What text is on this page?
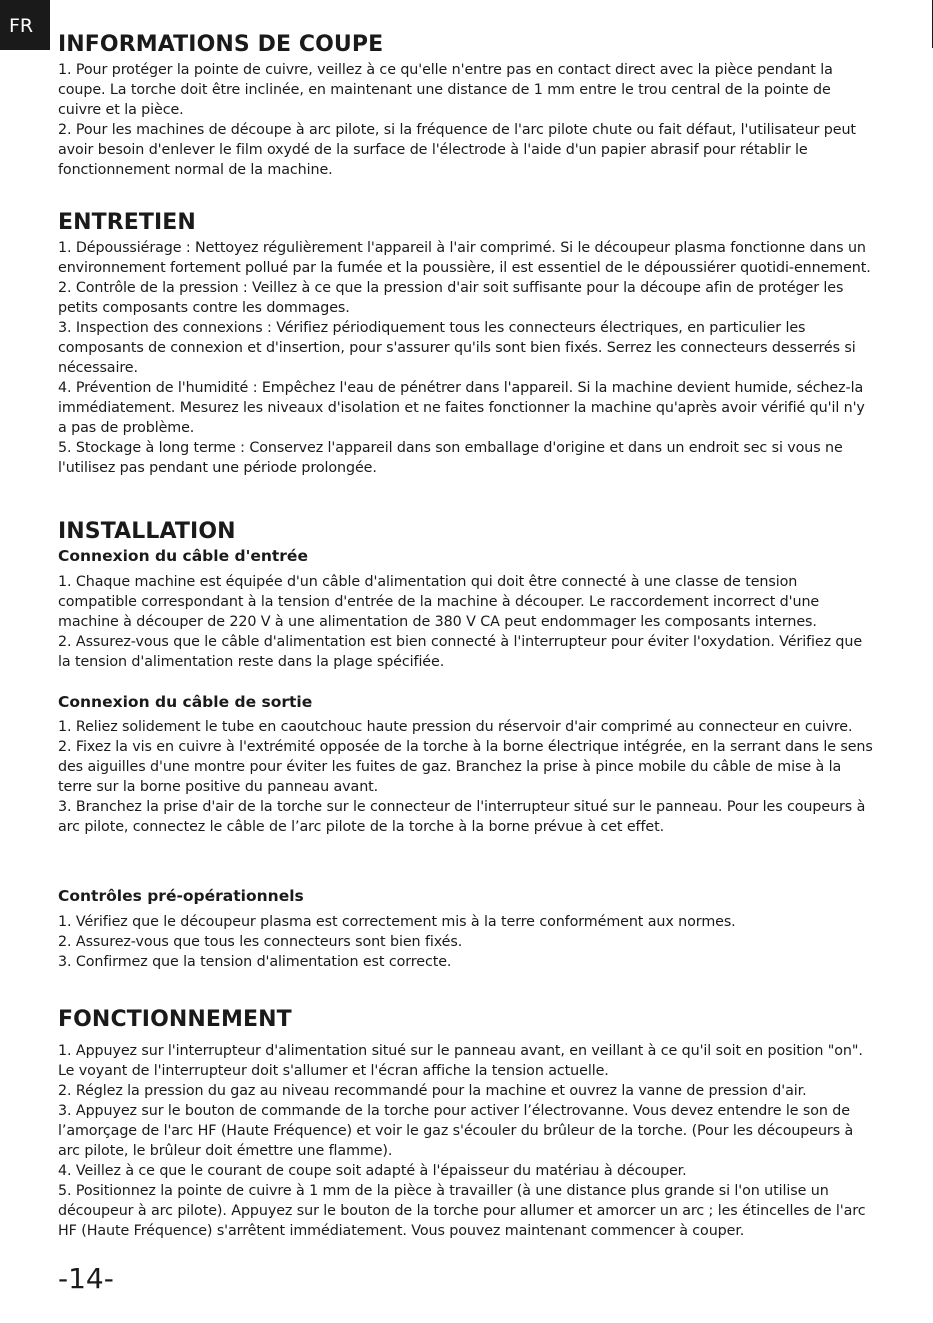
FR
INFORMATIONS DE COUPE

1. Pour protéger la pointe de cuivre, veillez à ce qu'elle n'entre pas en contact direct avec la pièce pendant la coupe. La torche doit être inclinée, en maintenant une distance de 1 mm entre le trou central de la pointe de cuivre et la pièce.

2. Pour les machines de découpe à arc pilote, si la fréquence de l'arc pilote chute ou fait défaut, l'utilisateur peut avoir besoin d'enlever le film oxydé de la surface de l'électrode à l'aide d'un papier abrasif pour rétablir le fonctionnement normal de la machine.

ENTRETIEN

1. Dépoussiérage : Nettoyez régulièrement l'appareil à l'air comprimé. Si le découpeur plasma fonctionne dans un environnement fortement pollué par la fumée et la poussière, il est essentiel de le dépoussiérer quotidi-ennement.

2. Contrôle de la pression : Veillez à ce que la pression d'air soit suffisante pour la découpe afin de protéger les petits composants contre les dommages.

3. Inspection des connexions : Vérifiez périodiquement tous les connecteurs électriques, en particulier les composants de connexion et d'insertion, pour s'assurer qu'ils sont bien fixés. Serrez les connecteurs desserrés si nécessaire.

4. Prévention de l'humidité : Empêchez l'eau de pénétrer dans l'appareil. Si la machine devient humide, séchez-la immédiatement. Mesurez les niveaux d'isolation et ne faites fonctionner la machine qu'après avoir vérifié qu'il n'y a pas de problème.

5. Stockage à long terme : Conservez l'appareil dans son emballage d'origine et dans un endroit sec si vous ne l'utilisez pas pendant une période prolongée.

INSTALLATION
Connexion du câble d'entrée

1. Chaque machine est équipée d'un câble d'alimentation qui doit être connecté à une classe de tension compatible correspondant à la tension d'entrée de la machine à découper. Le raccordement incorrect d'une machine à découper de 220 V à une alimentation de 380 V CA peut endommager les composants internes.

2. Assurez-vous que le câble d'alimentation est bien connecté à l'interrupteur pour éviter l'oxydation. Vérifiez que la tension d'alimentation reste dans la plage spécifiée.

Connexion du câble de sortie

1. Reliez solidement le tube en caoutchouc haute pression du réservoir d'air comprimé au connecteur en cuivre.

2. Fixez la vis en cuivre à l'extrémité opposée de la torche à la borne électrique intégrée, en la serrant dans le sens des aiguilles d'une montre pour éviter les fuites de gaz. Branchez la prise à pince mobile du câble de mise à la terre sur la borne positive du panneau avant.

3. Branchez la prise d'air de la torche sur le connecteur de l'interrupteur situé sur le panneau. Pour les coupeurs à arc pilote, connectez le câble de l’arc pilote de la torche à la borne prévue à cet effet.

Contrôles pré-opérationnels

1. Vérifiez que le découpeur plasma est correctement mis à la terre conformément aux normes.

2. Assurez-vous que tous les connecteurs sont bien fixés.

3. Confirmez que la tension d'alimentation est correcte.

FONCTIONNEMENT

1. Appuyez sur l'interrupteur d'alimentation situé sur le panneau avant, en veillant à ce qu'il soit en position "on". Le voyant de l'interrupteur doit s'allumer et l'écran affiche la tension actuelle.

2. Réglez la pression du gaz au niveau recommandé pour la machine et ouvrez la vanne de pression d'air.

3. Appuyez sur le bouton de commande de la torche pour activer l’électrovanne. Vous devez entendre le son de l’amorçage de l'arc HF (Haute Fréquence) et voir le gaz s'écouler du brûleur de la torche. (Pour les découpeurs à arc pilote, le brûleur doit émettre une flamme).

4. Veillez à ce que le courant de coupe soit adapté à l'épaisseur du matériau à découper.

5. Positionnez la pointe de cuivre à 1 mm de la pièce à travailler (à une distance plus grande si l'on utilise un découpeur à arc pilote). Appuyez sur le bouton de la torche pour allumer et amorcer un arc ; les étincelles de l'arc HF (Haute Fréquence) s'arrêtent immédiatement. Vous pouvez maintenant commencer à couper.

-14-
